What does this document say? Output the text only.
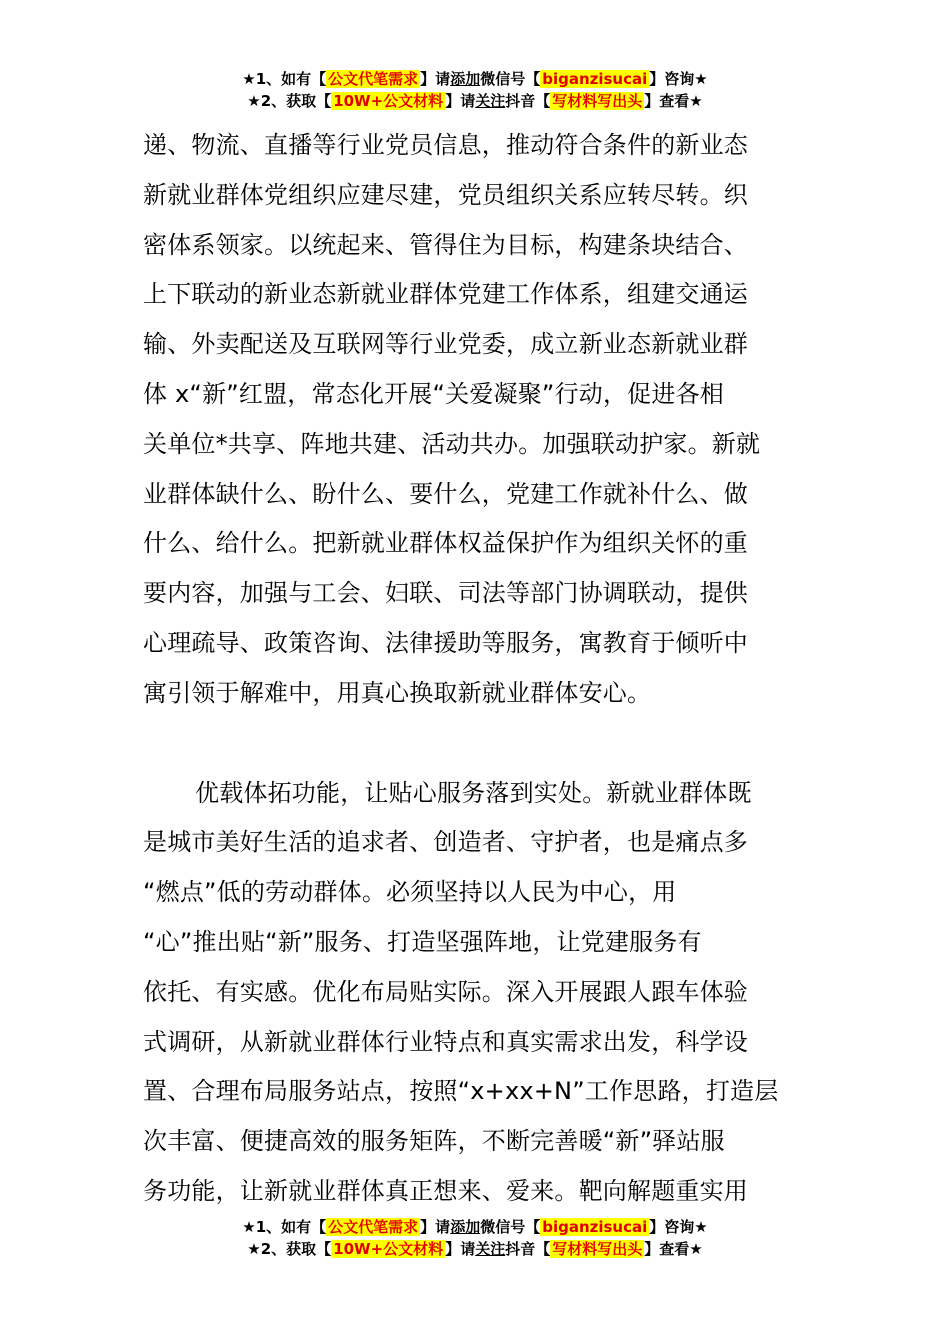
★1、如有【 公文代笔需求 】请添加微信号【 biganzisucai 】咨询★
★2、获取【 10W+公文材料 】请关注抖音【 写材料写出头 】查看★
递、物流、直播等行业党员信息，推动符合条件的新业态
新就业群体党组织应建尽建，党员组织关系应转尽转。织
密体系领家。以统起来、管得住为目标，构建条块结合、
上下联动的新业态新就业群体党建工作体系，组建交通运
输、外卖配送及互联网等行业党委，成立新业态新就业群
体 x“新”红盟，常态化开展“关爱凝聚”行动，促进各相
关单位*共享、阵地共建、活动共办。加强联动护家。新就
业群体缺什么、盼什么、要什么，党建工作就补什么、做
什么、给什么。把新就业群体权益保护作为组织关怀的重
要内容，加强与工会、妇联、司法等部门协调联动，提供
心理疏导、政策咨询、法律援助等服务，寓教育于倾听中
寓引领于解难中，用真心换取新就业群体安心。
优载体拓功能，让贴心服务落到实处。新就业群体既
是城市美好生活的追求者、创造者、守护者，也是痛点多
“燃点”低的劳动群体。必须坚持以人民为中心，用
“心”推出贴“新”服务、打造坚强阵地，让党建服务有
依托、有实感。优化布局贴实际。深入开展跟人跟车体验
式调研，从新就业群体行业特点和真实需求出发，科学设
置、合理布局服务站点，按照“x+xx+N”工作思路，打造层
次丰富、便捷高效的服务矩阵，不断完善暖“新”驿站服
务功能，让新就业群体真正想来、爱来。靶向解题重实用
★1、如有【 公文代笔需求 】请添加微信号【 biganzisucai 】咨询★
★2、获取【 10W+公文材料 】请关注抖音【 写材料写出头 】查看★
